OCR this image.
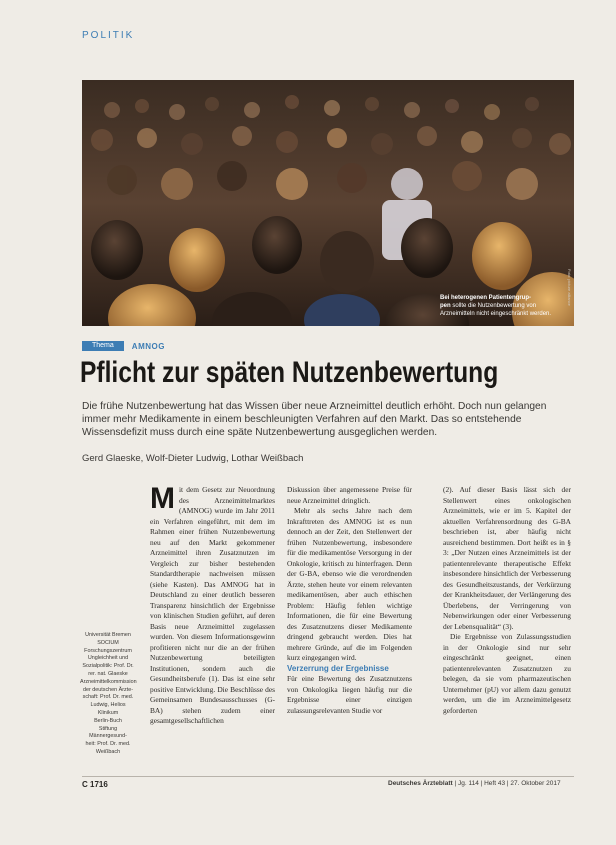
POLITIK
Bei heterogenen Patientengrup-
pen sollte die Nutzenbewertung von Arzneimitteln nicht eingeschränkt werden.
Foto: picture alliance
Thema	AMNOG
Pflicht zur späten Nutzenbewertung

Die frühe Nutzenbewertung hat das Wissen über neue Arzneimittel deutlich erhöht. Doch nun gelangen immer mehr Medikamente in einem beschleunigten Verfahren auf den Markt. Das so entstehende Wissensdefizit muss durch eine späte Nutzenbewertung ausgeglichen werden.

Gerd Glaeske, Wolf-Dieter Ludwig, Lothar Weißbach
Universität Bremen
SOCIUM
Forschungszentrum
Ungleichheit und
Sozialpolitik: Prof. Dr.
rer. nat. Glaeske
Arzneimittelkommission
der deutschen Ärzte-
schaft: Prof. Dr. med.
Ludwig, Helios Klinikum
Berlin-Buch
Stiftung Männergesund-
heit: Prof. Dr. med.
Weißbach

Mit dem Gesetz zur Neuordnung des Arzneimittelmarktes (AMNOG) wurde im Jahr 2011 ein Verfahren eingeführt, mit dem im Rahmen einer frühen Nutzenbewertung neu auf den Markt gekommener Arzneimittel ihren Zusatznutzen im Vergleich zur bisher bestehenden Standardtherapie nachweisen müssen (siehe Kasten). Das AMNOG hat in Deutschland zu einer deutlich besseren Transparenz hinsichtlich der Ergebnisse von klinischen Studien geführt, auf deren Basis neue Arzneimittel zugelassen wurden. Von diesem Informationsgewinn profitieren nicht nur die an der frühen Nutzenbewertung beteiligten Institutionen, sondern auch die Gesundheitsberufe (1). Das ist eine sehr positive Entwicklung. Die Beschlüsse des Gemeinsamen Bundesausschusses (G-BA) stehen zudem einer gesamtgesellschaftlichen

Diskussion über angemessene Preise für neue Arzneimittel dringlich.

Mehr als sechs Jahre nach dem Inkrafttreten des AMNOG ist es nun dennoch an der Zeit, den Stellenwert der frühen Nutzenbewertung, insbesondere für die medikamentöse Versorgung in der Onkologie, kritisch zu hinterfragen. Denn der G-BA, ebenso wie die verordnenden Ärzte, stehen heute vor einem relevanten medikamentösen, aber auch ethischen Problem: Häufig fehlen wichtige Informationen, die für eine Bewertung des Zusatznutzens dieser Medikamente dringend gebraucht werden. Dies hat mehrere Gründe, auf die im Folgenden kurz eingegangen wird.

Verzerrung der Ergebnisse

Für eine Bewertung des Zusatznutzens von Onkologika liegen häufig nur die Ergebnisse einer einzigen zulassungsrelevanten Studie vor

(2). Auf dieser Basis lässt sich der Stellenwert eines onkologischen Arzneimittels, wie er im 5. Kapitel der aktuellen Verfahrensordnung des G-BA beschrieben ist, aber häufig nicht ausreichend bestimmen. Dort heißt es in § 3: „Der Nutzen eines Arzneimittels ist der patientenrelevante therapeutische Effekt insbesondere hinsichtlich der Verbesserung des Gesundheitszustands, der Verkürzung der Krankheitsdauer, der Verlängerung des Überlebens, der Verringerung von Nebenwirkungen oder einer Verbesserung der Lebensqualität“ (3).

Die Ergebnisse von Zulassungsstudien in der Onkologie sind nur sehr eingeschränkt geeignet, einen patientenrelevanten Zusatznutzen zu belegen, da sie vom pharmazeutischen Unternehmer (pU) vor allem dazu genutzt werden, um die im Arzneimittelgesetz geforderten

C 1716	Deutsches Ärzteblatt | Jg. 114 | Heft 43 | 27. Oktober 2017
